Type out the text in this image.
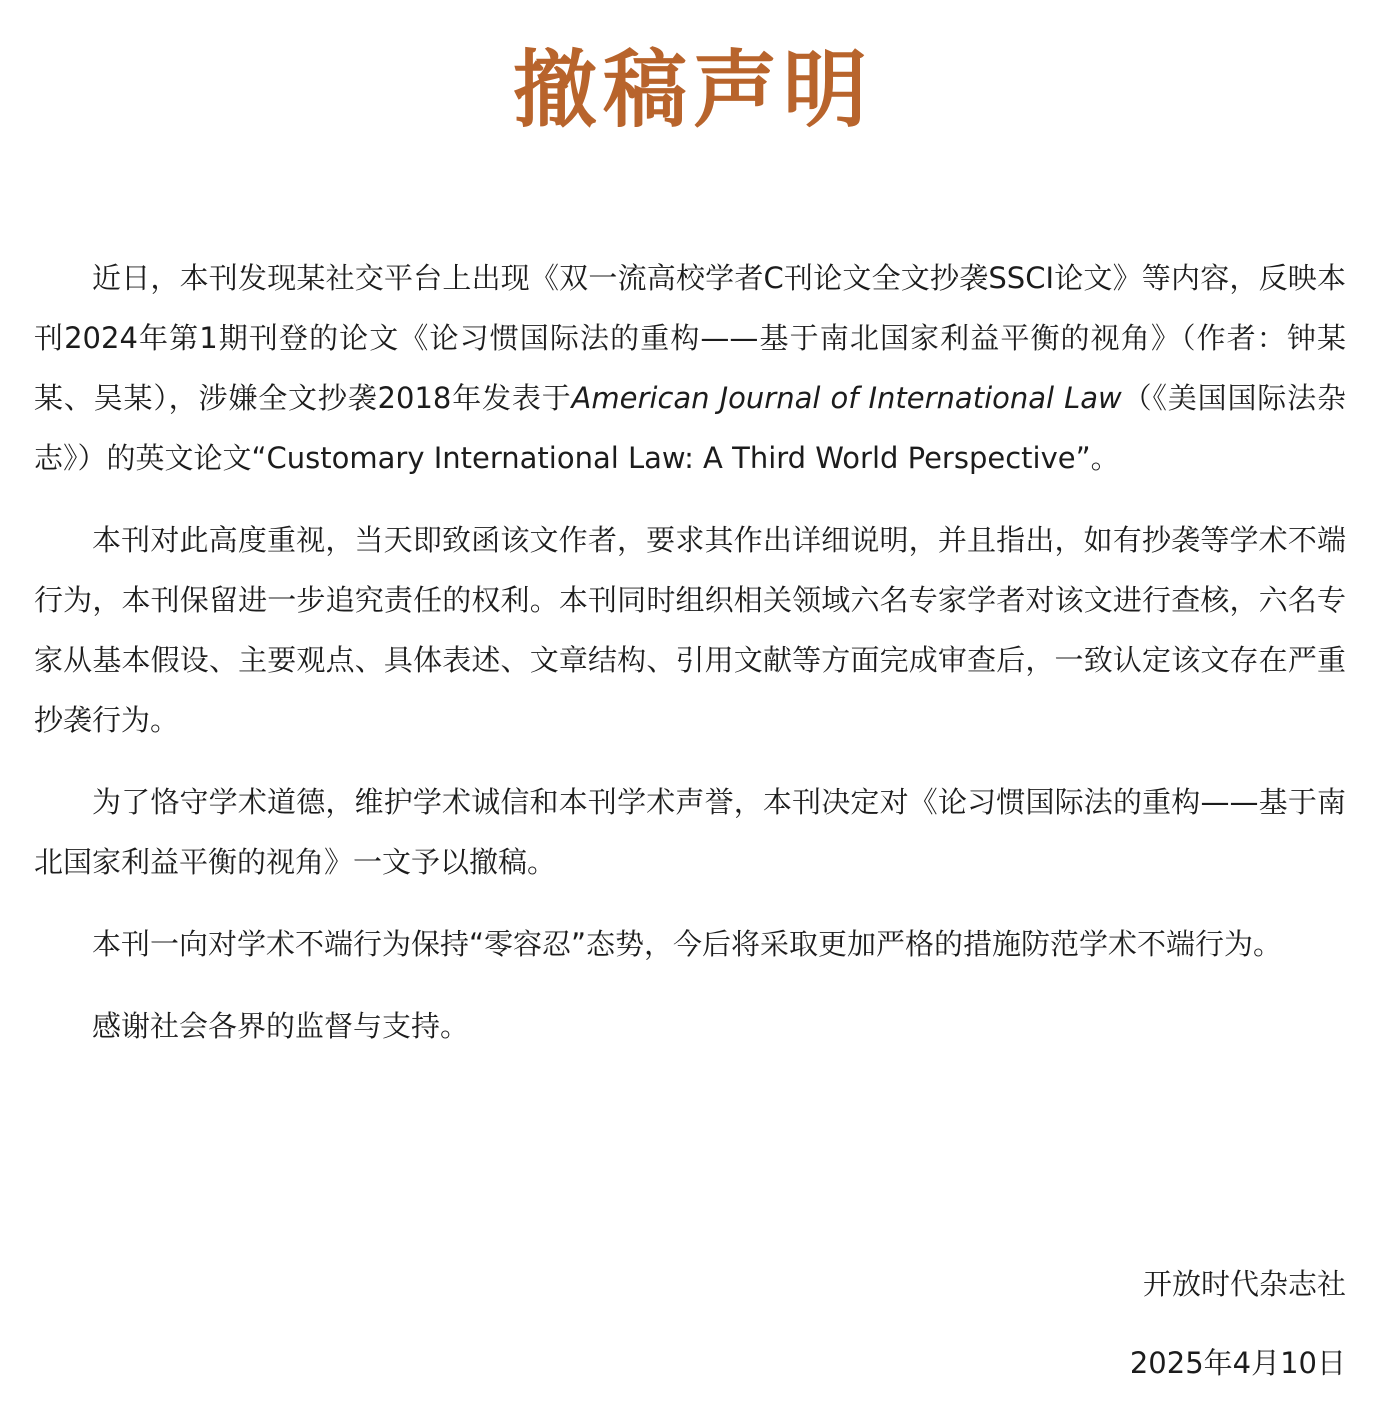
撤稿声明

近日，本刊发现某社交平台上出现《双一流高校学者C刊论文全文抄袭SSCI论文》等内容，反映本刊2024年第1期刊登的论文《论习惯国际法的重构——基于南北国家利益平衡的视角》（作者：钟某某、吴某），涉嫌全文抄袭2018年发表于American Journal of International Law（《美国国际法杂志》）的英文论文“Customary International Law: A Third World Perspective”。

本刊对此高度重视，当天即致函该文作者，要求其作出详细说明，并且指出，如有抄袭等学术不端行为，本刊保留进一步追究责任的权利。本刊同时组织相关领域六名专家学者对该文进行查核，六名专家从基本假设、主要观点、具体表述、文章结构、引用文献等方面完成审查后，一致认定该文存在严重抄袭行为。

为了恪守学术道德，维护学术诚信和本刊学术声誉，本刊决定对《论习惯国际法的重构——基于南北国家利益平衡的视角》一文予以撤稿。

本刊一向对学术不端行为保持“零容忍”态势，今后将采取更加严格的措施防范学术不端行为。

感谢社会各界的监督与支持。

开放时代杂志社

2025年4月10日
